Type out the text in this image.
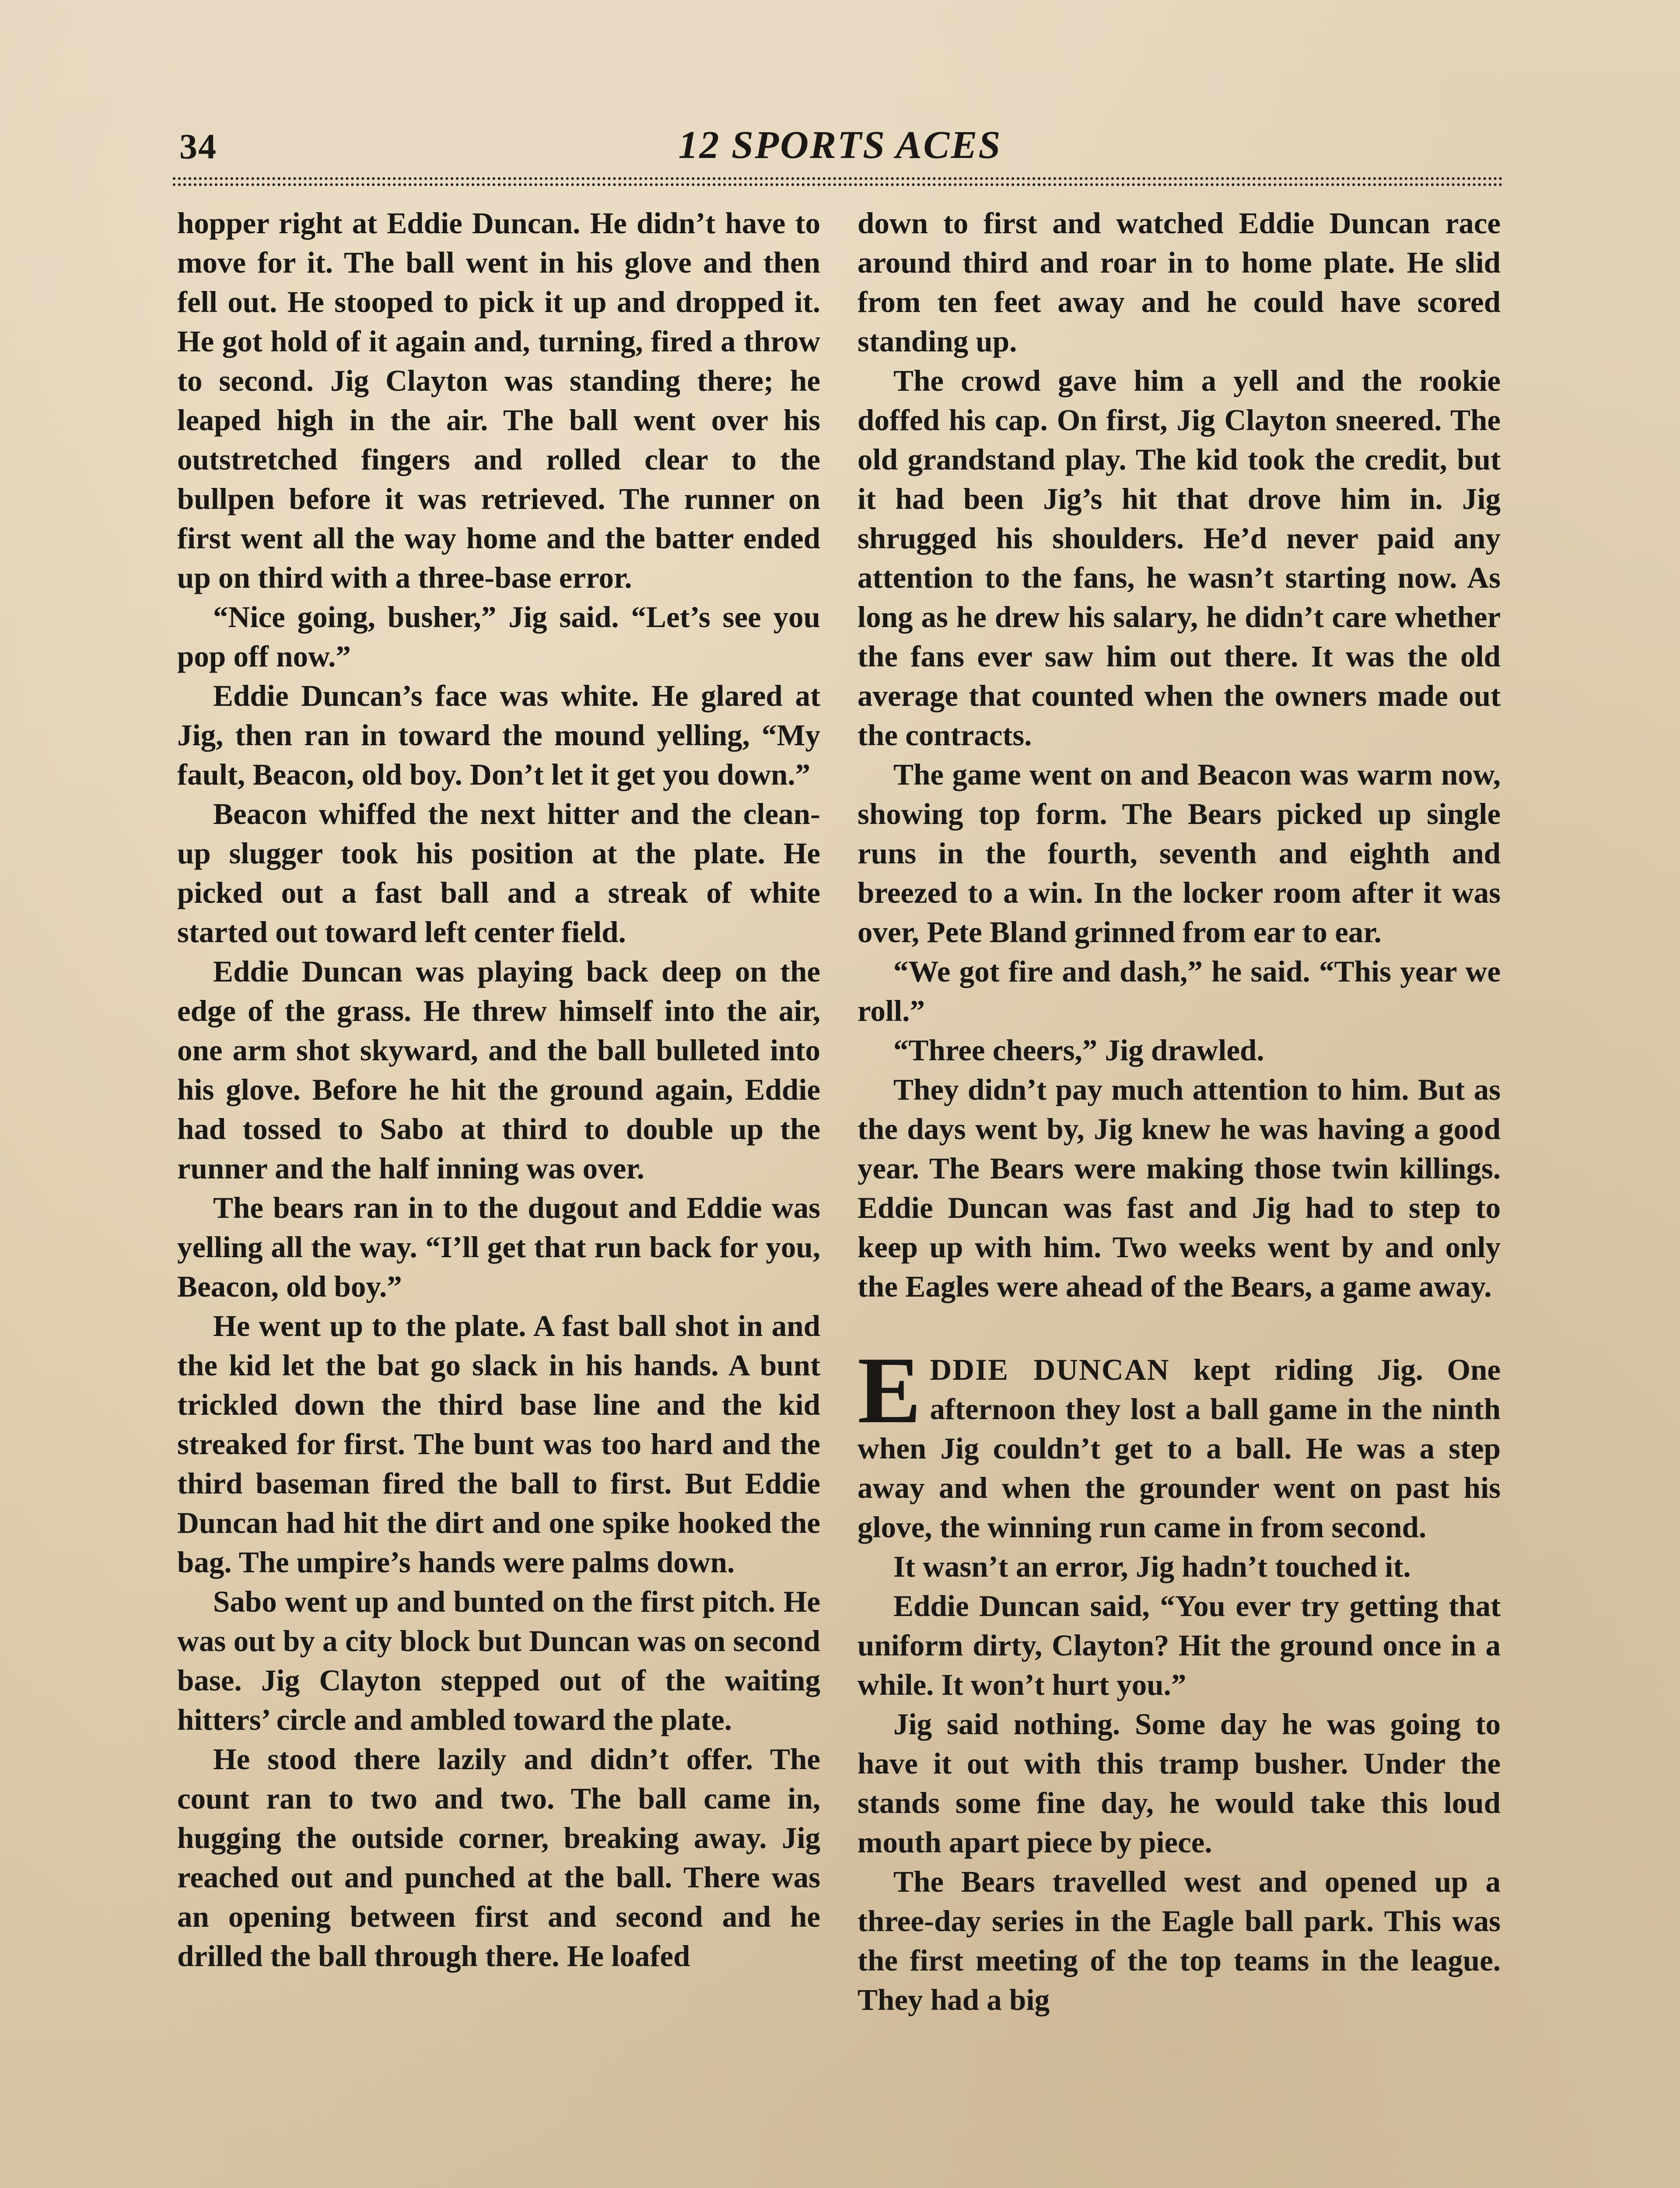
34	12 SPORTS ACES

hopper right at Eddie Duncan. He didn’t have to move for it. The ball went in his glove and then fell out. He stooped to pick it up and dropped it. He got hold of it again and, turning, fired a throw to second. Jig Clayton was standing there; he leaped high in the air. The ball went over his outstretched fingers and rolled clear to the bullpen before it was retrieved. The runner on first went all the way home and the batter ended up on third with a three-base error.

“Nice going, busher,” Jig said. “Let’s see you pop off now.”

Eddie Duncan’s face was white. He glared at Jig, then ran in toward the mound yelling, “My fault, Beacon, old boy. Don’t let it get you down.”

Beacon whiffed the next hitter and the clean-up slugger took his position at the plate. He picked out a fast ball and a streak of white started out toward left center field.

Eddie Duncan was playing back deep on the edge of the grass. He threw himself into the air, one arm shot skyward, and the ball bulleted into his glove. Before he hit the ground again, Eddie had tossed to Sabo at third to double up the runner and the half inning was over.

The bears ran in to the dugout and Eddie was yelling all the way. “I’ll get that run back for you, Beacon, old boy.”

He went up to the plate. A fast ball shot in and the kid let the bat go slack in his hands. A bunt trickled down the third base line and the kid streaked for first. The bunt was too hard and the third baseman fired the ball to first. But Eddie Duncan had hit the dirt and one spike hooked the bag. The umpire’s hands were palms down.

Sabo went up and bunted on the first pitch. He was out by a city block but Duncan was on second base. Jig Clayton stepped out of the waiting hitters’ circle and ambled toward the plate.

He stood there lazily and didn’t offer. The count ran to two and two. The ball came in, hugging the outside corner, breaking away. Jig reached out and punched at the ball. There was an opening between first and second and he drilled the ball through there. He loafed

down to first and watched Eddie Duncan race around third and roar in to home plate. He slid from ten feet away and he could have scored standing up.

The crowd gave him a yell and the rookie doffed his cap. On first, Jig Clayton sneered. The old grandstand play. The kid took the credit, but it had been Jig’s hit that drove him in. Jig shrugged his shoulders. He’d never paid any attention to the fans, he wasn’t starting now. As long as he drew his salary, he didn’t care whether the fans ever saw him out there. It was the old average that counted when the owners made out the contracts.

The game went on and Beacon was warm now, showing top form. The Bears picked up single runs in the fourth, seventh and eighth and breezed to a win. In the locker room after it was over, Pete Bland grinned from ear to ear.

“We got fire and dash,” he said. “This year we roll.”

“Three cheers,” Jig drawled.

They didn’t pay much attention to him. But as the days went by, Jig knew he was having a good year. The Bears were making those twin killings. Eddie Duncan was fast and Jig had to step to keep up with him. Two weeks went by and only the Eagles were ahead of the Bears, a game away.

EDDIE DUNCAN kept riding Jig. One afternoon they lost a ball game in the ninth when Jig couldn’t get to a ball. He was a step away and when the grounder went on past his glove, the winning run came in from second.

It wasn’t an error, Jig hadn’t touched it.

Eddie Duncan said, “You ever try getting that uniform dirty, Clayton? Hit the ground once in a while. It won’t hurt you.”

Jig said nothing. Some day he was going to have it out with this tramp busher. Under the stands some fine day, he would take this loud mouth apart piece by piece.

The Bears travelled west and opened up a three-day series in the Eagle ball park. This was the first meeting of the top teams in the league. They had a big
